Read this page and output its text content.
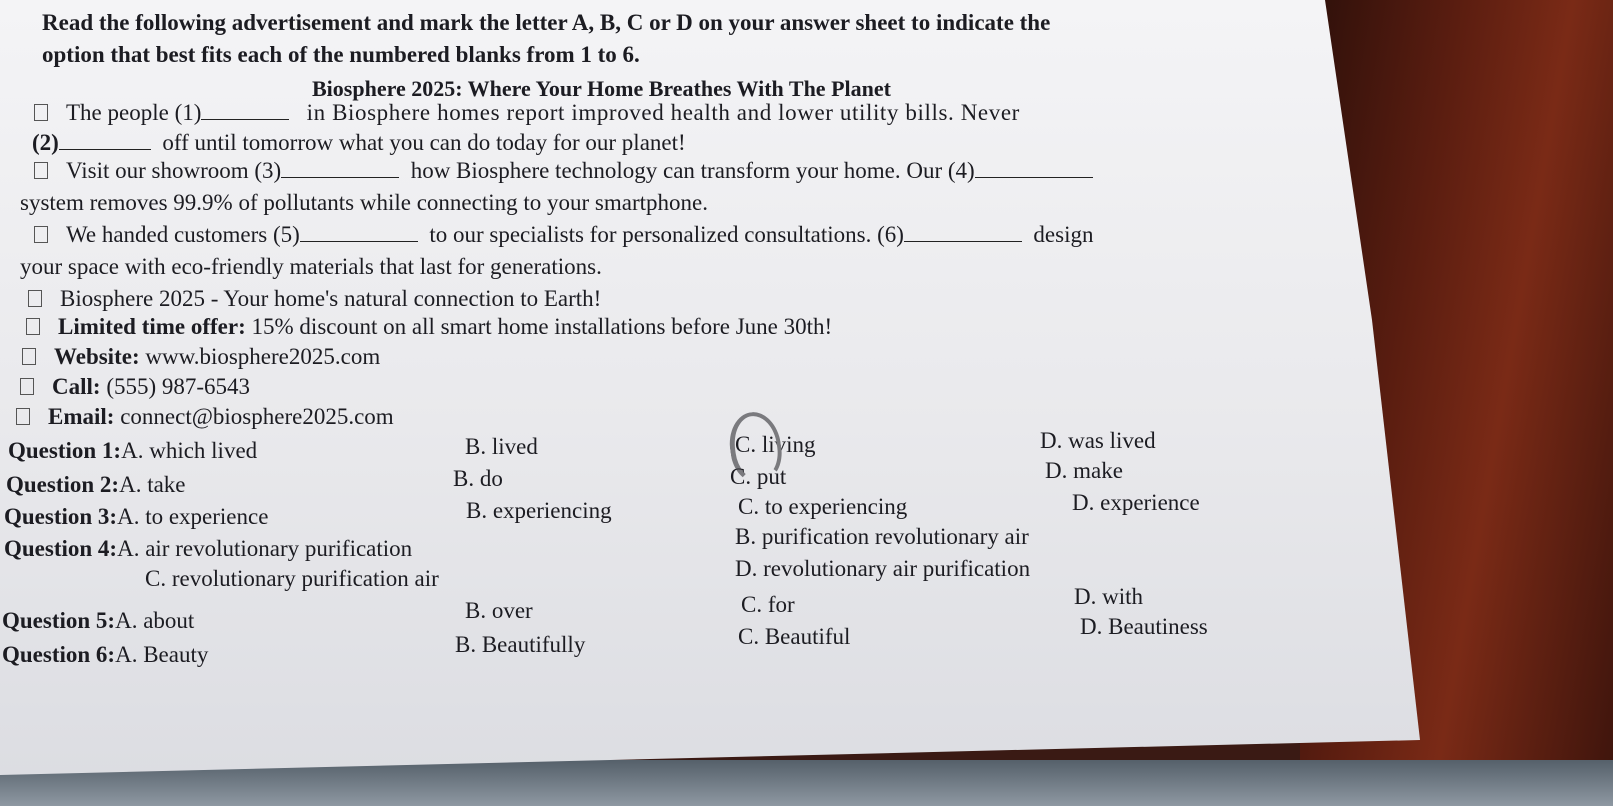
Read the following advertisement and mark the letter A, B, C or D on your answer sheet to indicate the
option that best fits each of the numbered blanks from 1 to 6.
Biosphere 2025: Where Your Home Breathes With The Planet
The people (1)	in Biosphere homes report improved health and lower utility bills. Never
(2)	off until tomorrow what you can do today for our planet!
Visit our showroom (3)	how Biosphere technology can transform your home. Our (4)
system removes 99.9% of pollutants while connecting to your smartphone.
We handed customers (5)	to our specialists for personalized consultations. (6)	design
your space with eco-friendly materials that last for generations.
Biosphere 2025 - Your home's natural connection to Earth!
Limited time offer: 15% discount on all smart home installations before June 30th!
Website: www.biosphere2025.com
Call: (555) 987-6543
Email: connect@biosphere2025.com
Question 1:A. which lived	B. lived	C. living	D. was lived
Question 2:A. take	B. do	C. put	D. make
Question 3:A. to experience	B. experiencing	C. to experiencing	D. experience
Question 4:A. air revolutionary purification	B. purification revolutionary air
C. revolutionary purification air	D. revolutionary air purification
Question 5:A. about	B. over	C. for	D. with
Question 6:A. Beauty	B. Beautifully	C. Beautiful	D. Beautiness
